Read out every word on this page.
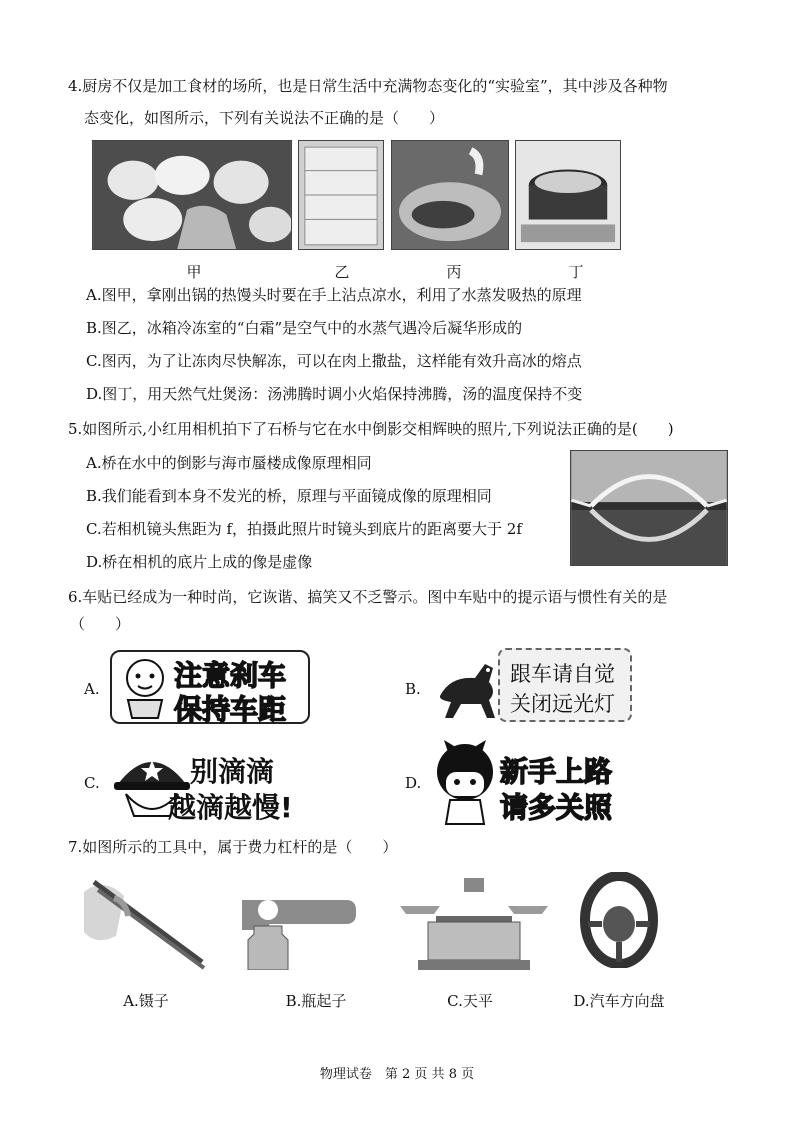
4.厨房不仅是加工食材的场所，也是日常生活中充满物态变化的“实验室”，其中涉及各种物
态变化，如图所示，下列有关说法不正确的是（　　）
甲	乙	丙	丁
A.图甲，拿刚出锅的热馒头时要在手上沾点凉水，利用了水蒸发吸热的原理
B.图乙，冰箱冷冻室的“白霜”是空气中的水蒸气遇冷后凝华形成的
C.图丙，为了让冻肉尽快解冻，可以在肉上撒盐，这样能有效升高冰的熔点
D.图丁，用天然气灶煲汤：汤沸腾时调小火焰保持沸腾，汤的温度保持不变
5.如图所示,小红用相机拍下了石桥与它在水中倒影交相辉映的照片,下列说法正确的是(　　)
A.桥在水中的倒影与海市蜃楼成像原理相同
B.我们能看到本身不发光的桥，原理与平面镜成像的原理相同
C.若相机镜头焦距为 f，拍摄此照片时镜头到底片的距离要大于 2f
D.桥在相机的底片上成的像是虚像
6.车贴已经成为一种时尚，它诙谐、搞笑又不乏警示。图中车贴中的提示语与惯性有关的是
（　　）
A.	注意刹车
保持车距
B.
跟车请自觉
关闭远光灯
C.	别滴滴
越滴越慢!
D.	新手上路
请多关照
7.如图所示的工具中，属于费力杠杆的是（　　）
A.镊子	B.瓶起子	C.天平	D.汽车方向盘
物理试卷　第 2 页 共 8 页
